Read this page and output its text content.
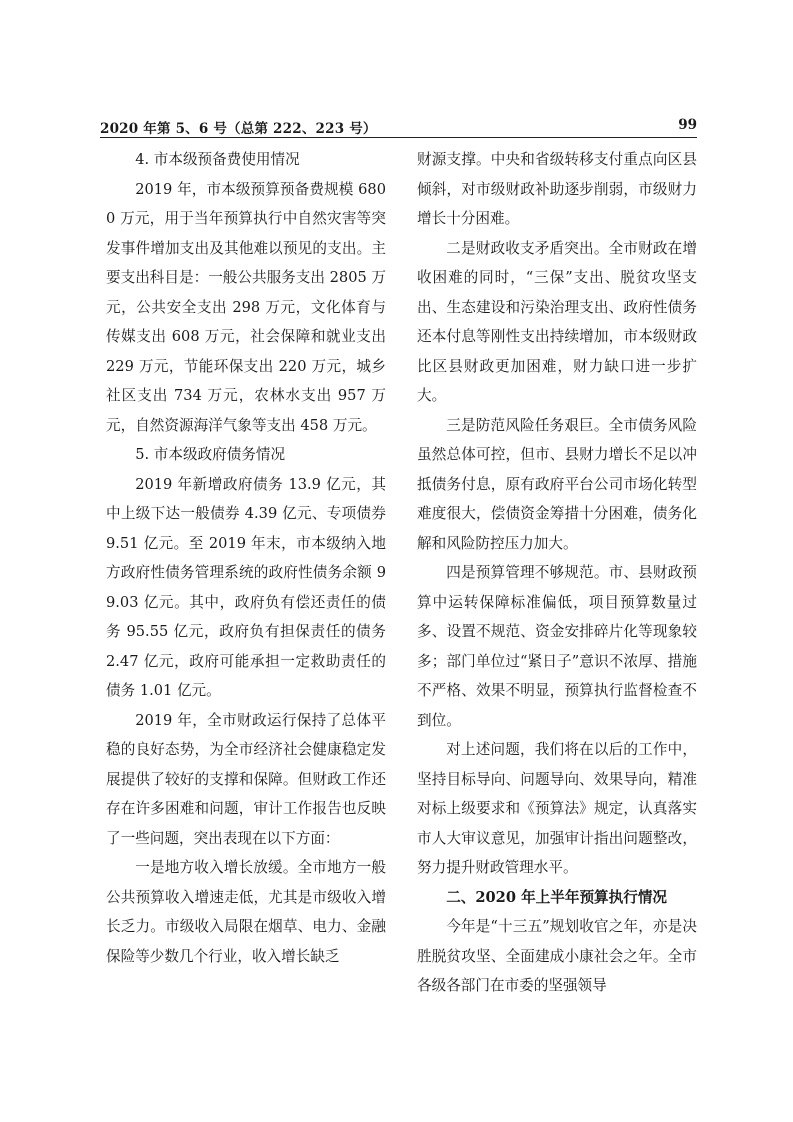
2020 年第 5、6 号（总第 222、223 号）	99

4. 市本级预备费使用情况

2019 年，市本级预算预备费规模 6800 万元，用于当年预算执行中自然灾害等突发事件增加支出及其他难以预见的支出。主要支出科目是：一般公共服务支出 2805 万元，公共安全支出 298 万元，文化体育与传媒支出 608 万元，社会保障和就业支出 229 万元，节能环保支出 220 万元，城乡社区支出 734 万元，农林水支出 957 万元，自然资源海洋气象等支出 458 万元。

5. 市本级政府债务情况

2019 年新增政府债务 13.9 亿元，其中上级下达一般债券 4.39 亿元、专项债券 9.51 亿元。至 2019 年末，市本级纳入地方政府性债务管理系统的政府性债务余额 99.03 亿元。其中，政府负有偿还责任的债务 95.55 亿元，政府负有担保责任的债务 2.47 亿元，政府可能承担一定救助责任的债务 1.01 亿元。

2019 年，全市财政运行保持了总体平稳的良好态势，为全市经济社会健康稳定发展提供了较好的支撑和保障。但财政工作还存在许多困难和问题，审计工作报告也反映了一些问题，突出表现在以下方面：

一是地方收入增长放缓。全市地方一般公共预算收入增速走低，尤其是市级收入增长乏力。市级收入局限在烟草、电力、金融保险等少数几个行业，收入增长缺乏

财源支撑。中央和省级转移支付重点向区县倾斜，对市级财政补助逐步削弱，市级财力增长十分困难。

二是财政收支矛盾突出。全市财政在增收困难的同时，“三保”支出、脱贫攻坚支出、生态建设和污染治理支出、政府性债务还本付息等刚性支出持续增加，市本级财政比区县财政更加困难，财力缺口进一步扩大。

三是防范风险任务艰巨。全市债务风险虽然总体可控，但市、县财力增长不足以冲抵债务付息，原有政府平台公司市场化转型难度很大，偿债资金筹措十分困难，债务化解和风险防控压力加大。

四是预算管理不够规范。市、县财政预算中运转保障标准偏低，项目预算数量过多、设置不规范、资金安排碎片化等现象较多；部门单位过“紧日子”意识不浓厚、措施不严格、效果不明显，预算执行监督检查不到位。

对上述问题，我们将在以后的工作中，坚持目标导向、问题导向、效果导向，精准对标上级要求和《预算法》规定，认真落实市人大审议意见，加强审计指出问题整改，努力提升财政管理水平。

二、2020 年上半年预算执行情况

今年是“十三五”规划收官之年，亦是决胜脱贫攻坚、全面建成小康社会之年。全市各级各部门在市委的坚强领导
